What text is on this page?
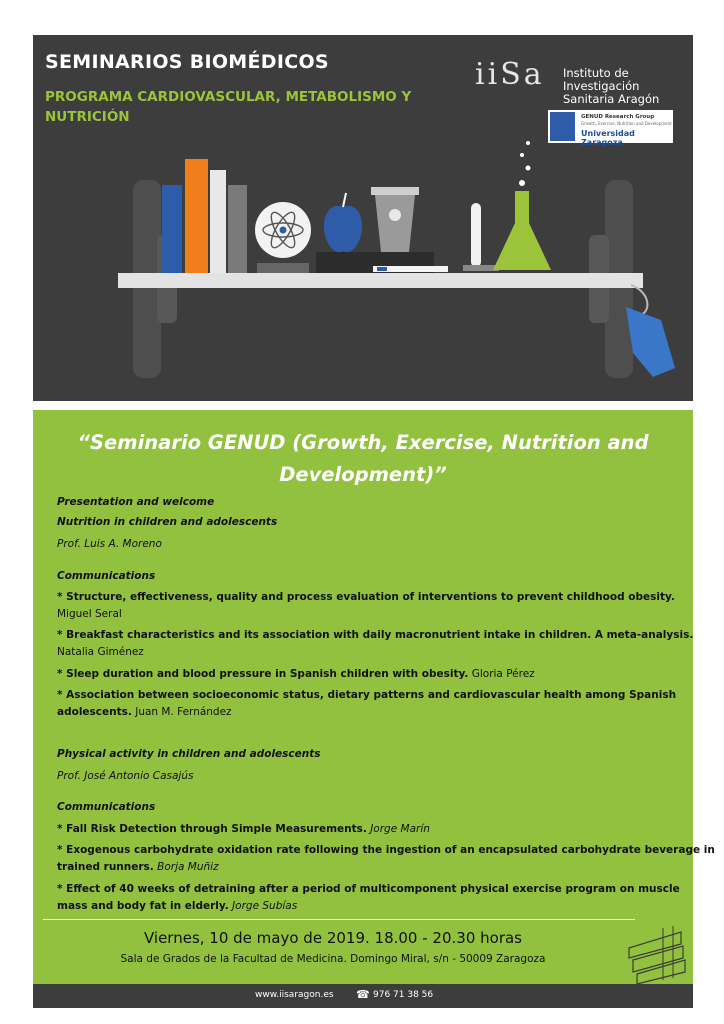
SEMINARIOS BIOMÉDICOS
PROGRAMA CARDIOVASCULAR, METABOLISMO Y NUTRICIÓN
iiSa Instituto de Investigación
Sanitaria Aragón
GENUD Research Group
Growth, Exercise, Nutrition and Development
Universidad Zaragoza
“Seminario GENUD (Growth, Exercise, Nutrition and Development)”
Presentation and welcome
Nutrition in children and adolescents
Prof. Luis A. Moreno
Communications
* Structure, effectiveness, quality and process evaluation of interventions to prevent childhood obesity.
Miguel Seral
* Breakfast characteristics and its association with daily macronutrient intake in children. A meta-analysis.
Natalia Giménez
* Sleep duration and blood pressure in Spanish children with obesity. Gloria Pérez
* Association between socioeconomic status, dietary patterns and cardiovascular health among Spanish
adolescents. Juan M. Fernández
Physical activity in children and adolescents
Prof. José Antonio Casajús
Communications
* Fall Risk Detection through Simple Measurements. Jorge Marín
* Exogenous carbohydrate oxidation rate following the ingestion of an encapsulated carbohydrate beverage in
trained runners. Borja Muñiz
* Effect of 40 weeks of detraining after a period of multicomponent physical exercise program on muscle
mass and body fat in elderly. Jorge Subías
Viernes, 10 de mayo de 2019. 18.00 - 20.30 horas
Sala de Grados de la Facultad de Medicina. Domingo Miral, s/n - 50009 Zaragoza
www.iisaragon.es ☎ 976 71 38 56
